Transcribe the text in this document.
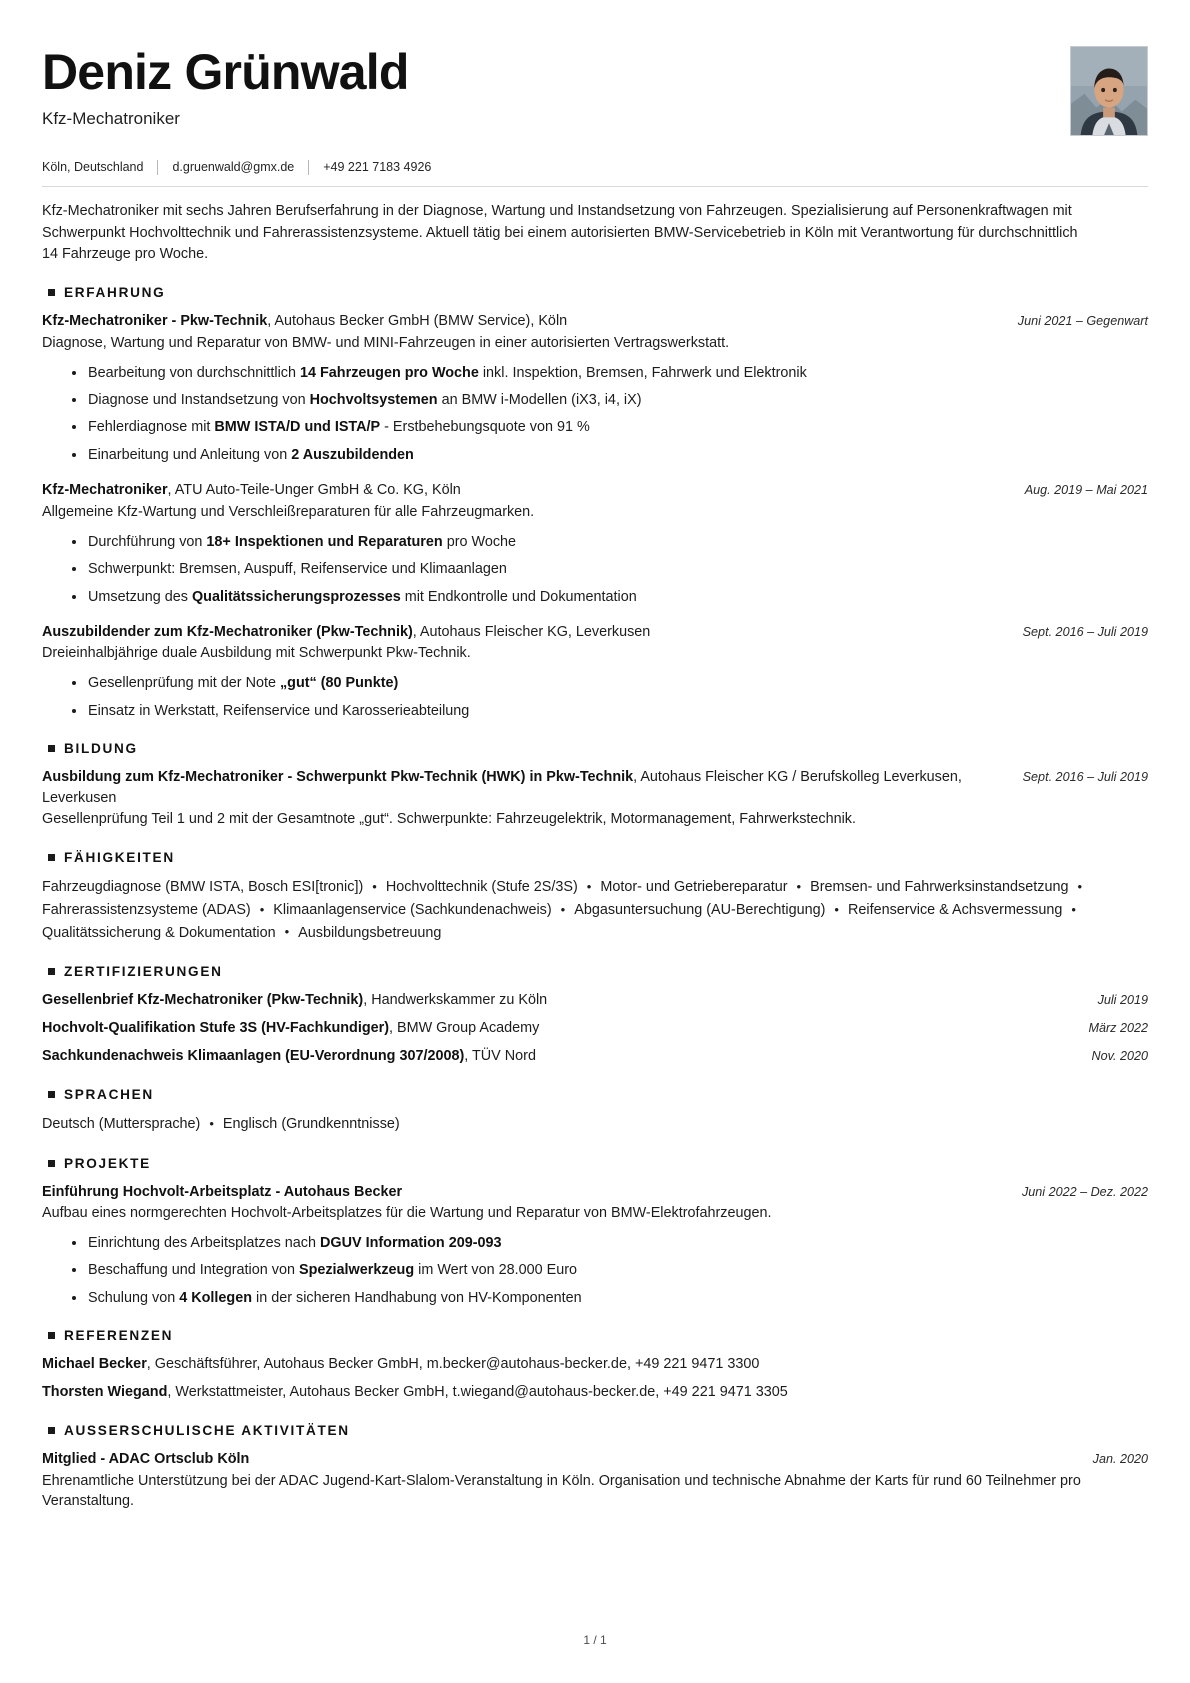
Deniz Grünwald

Kfz-Mechatroniker

Köln, Deutschland d.gruenwald@gmx.de +49 221 7183 4926

Kfz-Mechatroniker mit sechs Jahren Berufserfahrung in der Diagnose, Wartung und Instandsetzung von Fahrzeugen. Spezialisierung auf Personenkraftwagen mit Schwerpunkt Hochvolttechnik und Fahrerassistenzsysteme. Aktuell tätig bei einem autorisierten BMW-Servicebetrieb in Köln mit Verantwortung für durchschnittlich 14 Fahrzeuge pro Woche.

ERFAHRUNG
Kfz-Mechatroniker - Pkw-Technik, Autohaus Becker GmbH (BMW Service), Köln	Juni 2021 – Gegenwart
Diagnose, Wartung und Reparatur von BMW- und MINI-Fahrzeugen in einer autorisierten Vertragswerkstatt.
Bearbeitung von durchschnittlich 14 Fahrzeugen pro Woche inkl. Inspektion, Bremsen, Fahrwerk und Elektronik
Diagnose und Instandsetzung von Hochvoltsystemen an BMW i-Modellen (iX3, i4, iX)
Fehlerdiagnose mit BMW ISTA/D und ISTA/P - Erstbehebungsquote von 91 %
Einarbeitung und Anleitung von 2 Auszubildenden
Kfz-Mechatroniker, ATU Auto-Teile-Unger GmbH & Co. KG, Köln	Aug. 2019 – Mai 2021
Allgemeine Kfz-Wartung und Verschleißreparaturen für alle Fahrzeugmarken.
Durchführung von 18+ Inspektionen und Reparaturen pro Woche
Schwerpunkt: Bremsen, Auspuff, Reifenservice und Klimaanlagen
Umsetzung des Qualitätssicherungsprozesses mit Endkontrolle und Dokumentation
Auszubildender zum Kfz-Mechatroniker (Pkw-Technik), Autohaus Fleischer KG, Leverkusen	Sept. 2016 – Juli 2019
Dreieinhalbjährige duale Ausbildung mit Schwerpunkt Pkw-Technik.
Gesellenprüfung mit der Note „gut“ (80 Punkte)
Einsatz in Werkstatt, Reifenservice und Karosserieabteilung
BILDUNG
Ausbildung zum Kfz-Mechatroniker - Schwerpunkt Pkw-Technik (HWK) in Pkw-Technik, Autohaus Fleischer KG / Berufskolleg Leverkusen, Leverkusen
Sept. 2016 – Juli 2019
Gesellenprüfung Teil 1 und 2 mit der Gesamtnote „gut“. Schwerpunkte: Fahrzeugelektrik, Motormanagement, Fahrwerkstechnik.
FÄHIGKEITEN
Fahrzeugdiagnose (BMW ISTA, Bosch ESI[tronic]) • Hochvolttechnik (Stufe 2S/3S) • Motor- und Getriebereparatur • Bremsen- und Fahrwerksinstandsetzung •Fahrerassistenzsysteme (ADAS) • Klimaanlagenservice (Sachkundenachweis) • Abgasuntersuchung (AU-Berechtigung) • Reifenservice & Achsvermessung •Qualitätssicherung & Dokumentation • Ausbildungsbetreuung
ZERTIFIZIERUNGEN
Gesellenbrief Kfz-Mechatroniker (Pkw-Technik), Handwerkskammer zu Köln	Juli 2019
Hochvolt-Qualifikation Stufe 3S (HV-Fachkundiger), BMW Group Academy	März 2022
Sachkundenachweis Klimaanlagen (EU-Verordnung 307/2008), TÜV Nord	Nov. 2020
SPRACHEN
Deutsch (Muttersprache) • Englisch (Grundkenntnisse)
PROJEKTE
Einführung Hochvolt-Arbeitsplatz - Autohaus Becker	Juni 2022 – Dez. 2022
Aufbau eines normgerechten Hochvolt-Arbeitsplatzes für die Wartung und Reparatur von BMW-Elektrofahrzeugen.
Einrichtung des Arbeitsplatzes nach DGUV Information 209-093
Beschaffung und Integration von Spezialwerkzeug im Wert von 28.000 Euro
Schulung von 4 Kollegen in der sicheren Handhabung von HV-Komponenten
REFERENZEN
Michael Becker, Geschäftsführer, Autohaus Becker GmbH, m.becker@autohaus-becker.de, +49 221 9471 3300
Thorsten Wiegand, Werkstattmeister, Autohaus Becker GmbH, t.wiegand@autohaus-becker.de, +49 221 9471 3305
AUSSERSCHULISCHE AKTIVITÄTEN
Mitglied - ADAC Ortsclub Köln	Jan. 2020
Ehrenamtliche Unterstützung bei der ADAC Jugend-Kart-Slalom-Veranstaltung in Köln. Organisation und technische Abnahme der Karts für rund 60 Teilnehmer pro Veranstaltung.
1 / 1
